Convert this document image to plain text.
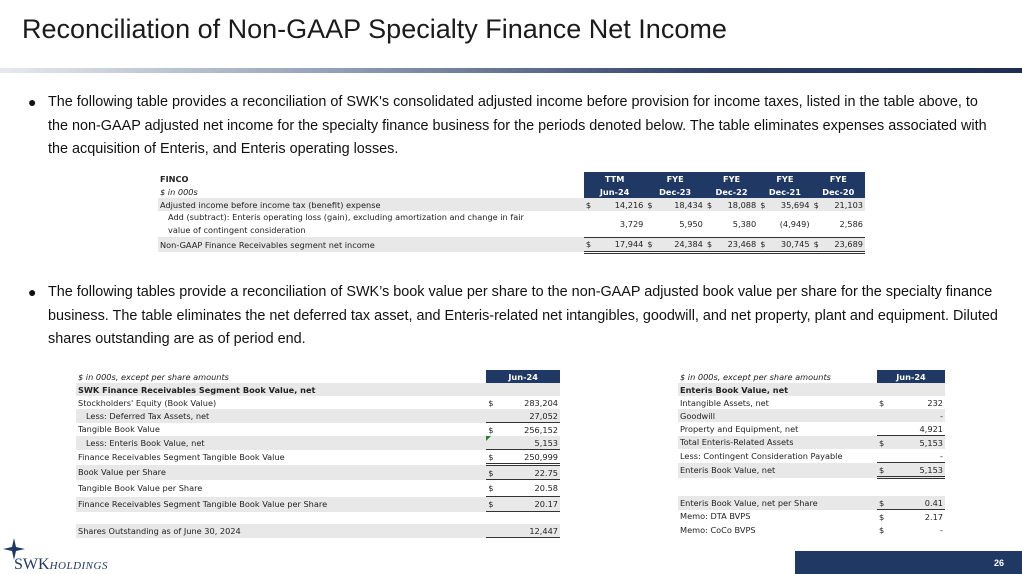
Reconciliation of Non-GAAP Specialty Finance Net Income
● The following table provides a reconciliation of SWK's consolidated adjusted income before provision for income taxes, listed in the table above, to the non-GAAP adjusted net income for the specialty finance business for the periods denoted below. The table eliminates expenses associated with the acquisition of Enteris, and Enteris operating losses.
FINCO	TTM		FYE		FYE		FYE		FYE	
$ in 000s	Jun-24		Dec-23		Dec-22		Dec-21		Dec-20	
Adjusted income before income tax (benefit) expense	$	14,216	$	18,434	$	18,088	$	35,694	$	21,103
Add (subtract): Enteris operating loss (gain), excluding amortization and change in fair
value of contingent consideration		3,729		5,950		5,380		(4,949)		2,586
Non-GAAP Finance Receivables segment net income	$	17,944	$	24,384	$	23,468	$	30,745	$	23,689
● The following tables provide a reconciliation of SWK’s book value per share to the non-GAAP adjusted book value per share for the specialty finance business. The table eliminates the net deferred tax asset, and Enteris-related net intangibles, goodwill, and net property, plant and equipment. Diluted shares outstanding are as of period end.
$ in 000s, except per share amounts	Jun-24	
SWK Finance Receivables Segment Book Value, net		
Stockholders' Equity (Book Value)	$	283,204
Less: Deferred Tax Assets, net		27,052
Tangible Book Value	$	256,152
Less: Enteris Book Value, net		5,153
Finance Receivables Segment Tangible Book Value	$	250,999
Book Value per Share	$	22.75
Tangible Book Value per Share	$	20.58
Finance Receivables Segment Tangible Book Value per Share	$	20.17

Shares Outstanding as of June 30, 2024		12,447
$ in 000s, except per share amounts	Jun-24	
Enteris Book Value, net		
Intangible Assets, net	$	232
Goodwill		-
Property and Equipment, net		4,921
Total Enteris-Related Assets	$	5,153
Less: Contingent Consideration Payable		-
Enteris Book Value, net	$	5,153

Enteris Book Value, net per Share	$	0.41
Memo: DTA BVPS	$	2.17
Memo: CoCo BVPS	$	-
SWKHOLDINGS	26
